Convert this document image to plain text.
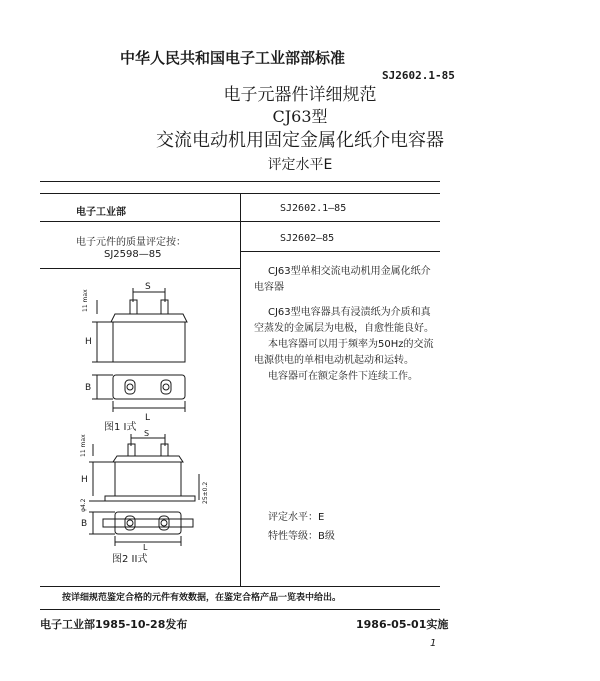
中华人民共和国电子工业部部标准
SJ2602.1-85
电子元器件详细规范
CJ63型
交流电动机用固定金属化纸介电容器
评定水平E
电子工业部
电子元件的质量评定按：
SJ2598—85
SJ2602.1—85
SJ2602—85
CJ63型单相交流电动机用金属化纸介
电容器
CJ63型电容器具有浸渍纸为介质和真
空蒸发的金属层为电极，自愈性能良好。
本电容器可以用于频率为50Hz的交流
电源供电的单相电动机起动和运转。
电容器可在额定条件下连续工作。
评定水平：E
特性等级：B级
S
H
11 max
B
L
图1 I式
S
H
11 max
B
25±0.2
φ4.2
L
图2 II式
按详细规范鉴定合格的元件有效数据，在鉴定合格产品一览表中给出。
电子工业部1985-10-28发布	1986-05-01实施
1
